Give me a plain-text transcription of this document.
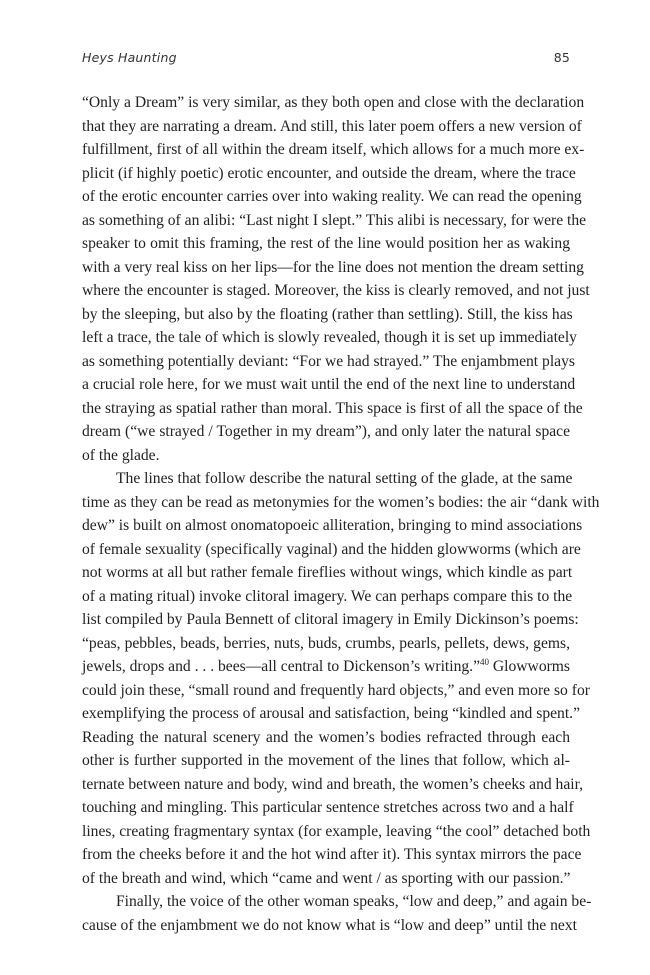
Heys Haunting	85

“Only a Dream” is very similar, as they both open and close with the declaration
that they are narrating a dream. And still, this later poem offers a new version of
fulfillment, first of all within the dream itself, which allows for a much more ex-
plicit (if highly poetic) erotic encounter, and outside the dream, where the trace
of the erotic encounter carries over into waking reality. We can read the opening
as something of an alibi: “Last night I slept.” This alibi is necessary, for were the
speaker to omit this framing, the rest of the line would position her as waking
with a very real kiss on her lips—for the line does not mention the dream setting
where the encounter is staged. Moreover, the kiss is clearly removed, and not just
by the sleeping, but also by the floating (rather than settling). Still, the kiss has
left a trace, the tale of which is slowly revealed, though it is set up immediately
as something potentially deviant: “For we had strayed.” The enjambment plays
a crucial role here, for we must wait until the end of the next line to understand
the straying as spatial rather than moral. This space is first of all the space of the
dream (“we strayed / Together in my dream”), and only later the natural space
of the glade.

The lines that follow describe the natural setting of the glade, at the same
time as they can be read as metonymies for the women’s bodies: the air “dank with
dew” is built on almost onomatopoeic alliteration, bringing to mind associations
of female sexuality (specifically vaginal) and the hidden glowworms (which are
not worms at all but rather female fireflies without wings, which kindle as part
of a mating ritual) invoke clitoral imagery. We can perhaps compare this to the
list compiled by Paula Bennett of clitoral imagery in Emily Dickinson’s poems:
“peas, pebbles, beads, berries, nuts, buds, crumbs, pearls, pellets, dews, gems,
jewels, drops and . . . bees—all central to Dickenson’s writing.”$^{40}$ Glowworms
could join these, “small round and frequently hard objects,” and even more so for
exemplifying the process of arousal and satisfaction, being “kindled and spent.”
Reading the natural scenery and the women’s bodies refracted through each
other is further supported in the movement of the lines that follow, which al-
ternate between nature and body, wind and breath, the women’s cheeks and hair,
touching and mingling. This particular sentence stretches across two and a half
lines, creating fragmentary syntax (for example, leaving “the cool” detached both
from the cheeks before it and the hot wind after it). This syntax mirrors the pace
of the breath and wind, which “came and went / as sporting with our passion.”

Finally, the voice of the other woman speaks, “low and deep,” and again be-
cause of the enjambment we do not know what is “low and deep” until the next
